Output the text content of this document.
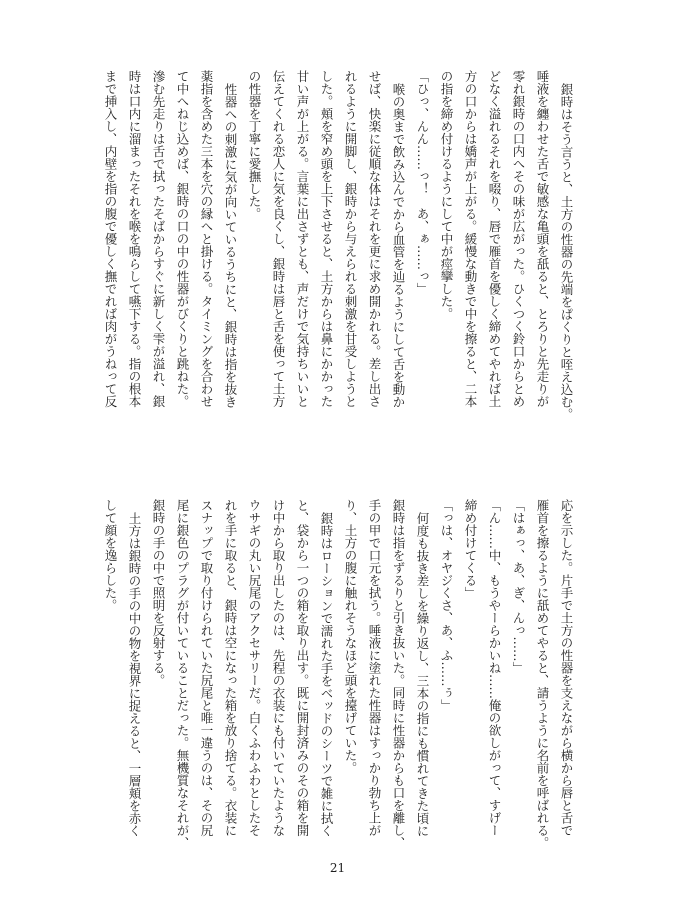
銀時はそう言うと、土方の性器の先端をぱくりと咥え込む。
唾液を纏わせた舌で敏感な亀頭を舐ると、とろりと先走りが
零れ銀時の口内へその味が広がった。ひくつく鈴口からとめ
どなく溢れるそれを啜り、唇で雁首を優しく締めてやれば土
方の口からは嬌声が上がる。緩慢な動きで中を擦ると、二本
の指を締め付けるようにして中が痙攣した。
「ひっ、んん……っ！　あ、ぁ……っ」
喉の奥まで飲み込んでから血管を辿るようにして舌を動か
せば、快楽に従順な体はそれを更に求め開かれる。差し出さ
れるように開脚し、銀時から与えられる刺激を甘受しようと
した。頬を窄め頭を上下させると、土方からは鼻にかかった
甘い声が上がる。言葉に出さずとも、声だけで気持ちいいと
伝えてくれる恋人に気を良くし、銀時は唇と舌を使って土方
の性器を丁寧に愛撫した。
性器への刺激に気が向いているうちにと、銀時は指を抜き
薬指を含めた三本を穴の縁へと掛ける。タイミングを合わせ
て中へねじ込めば、銀時の口の中の性器がびくりと跳ねた。
滲む先走りは舌で拭ったそばからすぐに新しく雫が溢れ、銀
時は口内に溜まったそれを喉を鳴らして嚥下する。指の根本
まで挿入し、内壁を指の腹で優しく撫でれば肉がうねって反
応を示した。片手で土方の性器を支えながら横から唇と舌で
雁首を擦るように舐めてやると、請うように名前を呼ばれる。
「はぁっ、あ、ぎ、んっ……」
「ん……中、もうやーらかいね……俺の欲しがって、すげー
締め付けてくる」
「っは、オヤジくさ、あ、ふ……ぅ」
何度も抜き差しを繰り返し、三本の指にも慣れてきた頃に
銀時は指をずるりと引き抜いた。同時に性器からも口を離し、
手の甲で口元を拭う。唾液に塗れた性器はすっかり勃ち上が
り、土方の腹に触れそうなほど頭を擡げていた。
銀時はローションで濡れた手をベッドのシーツで雑に拭く
と、袋から一つの箱を取り出す。既に開封済みのその箱を開
け中から取り出したのは、先程の衣装にも付いていたような
ウサギの丸い尻尾のアクセサリーだ。白くふわふわとしたそ
れを手に取ると、銀時は空になった箱を放り捨てる。衣装に
スナップで取り付けられていた尻尾と唯一違うのは、その尻
尾に銀色のプラグが付いていることだった。無機質なそれが、
銀時の手の中で照明を反射する。
土方は銀時の手の中の物を視界に捉えると、一層頬を赤く
して顔を逸らした。
21
